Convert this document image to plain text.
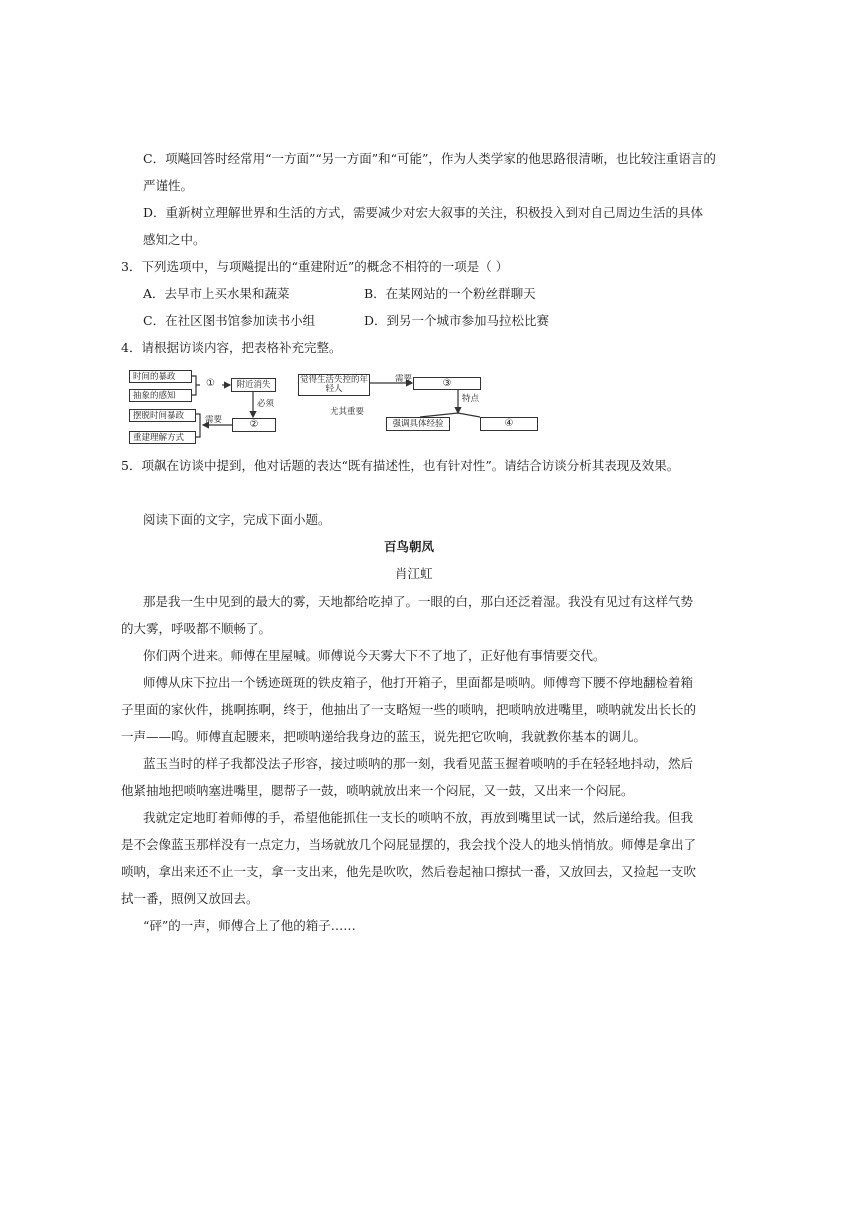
C．项飚回答时经常用“一方面”“另一方面”和“可能”，作为人类学家的他思路很清晰，也比较注重语言的
严谨性。
D．重新树立理解世界和生活的方式，需要减少对宏大叙事的关注，积极投入到对自己周边生活的具体
感知之中。
3．下列选项中，与项飚提出的“重建附近”的概念不相符的一项是（ ）
A．去早市上买水果和蔬菜	B．在某网站的一个粉丝群聊天
C．在社区图书馆参加读书小组	D．到另一个城市参加马拉松比赛
4．请根据访谈内容，把表格补充完整。
时间的暴政
抽象的感知
①	附近消失
必须
摆脱时间暴政
重建理解方式
需要	②
觉得生活失控的年轻人
需要	③
尤其重要
特点
强调具体经验	④
5．项飙在访谈中提到，他对话题的表达“既有描述性，也有针对性”。请结合访谈分析其表现及效果。
阅读下面的文字，完成下面小题。
百鸟朝凤
肖江虹
那是我一生中见到的最大的雾，天地都给吃掉了。一眼的白，那白还泛着湿。我没有见过有这样气势
的大雾，呼吸都不顺畅了。
你们两个进来。师傅在里屋喊。师傅说今天雾大下不了地了，正好他有事情要交代。
师傅从床下拉出一个锈迹斑斑的铁皮箱子，他打开箱子，里面都是唢呐。师傅弯下腰不停地翻检着箱
子里面的家伙件，挑啊拣啊，终于，他抽出了一支略短一些的唢呐，把唢呐放进嘴里，唢呐就发出长长的
一声——呜。师傅直起腰来，把唢呐递给我身边的蓝玉，说先把它吹响，我就教你基本的调儿。
蓝玉当时的样子我都没法子形容，接过唢呐的那一刻，我看见蓝玉握着唢呐的手在轻轻地抖动，然后
他紧抽地把唢呐塞进嘴里，腮帮子一鼓，唢呐就放出来一个闷屁，又一鼓，又出来一个闷屁。
我就定定地盯着师傅的手，希望他能抓住一支长的唢呐不放，再放到嘴里试一试，然后递给我。但我
是不会像蓝玉那样没有一点定力，当场就放几个闷屁显摆的，我会找个没人的地头悄悄放。师傅是拿出了
唢呐，拿出来还不止一支，拿一支出来，他先是吹吹，然后卷起袖口擦拭一番，又放回去，又捡起一支吹
拭一番，照例又放回去。
“砰”的一声，师傅合上了他的箱子……
